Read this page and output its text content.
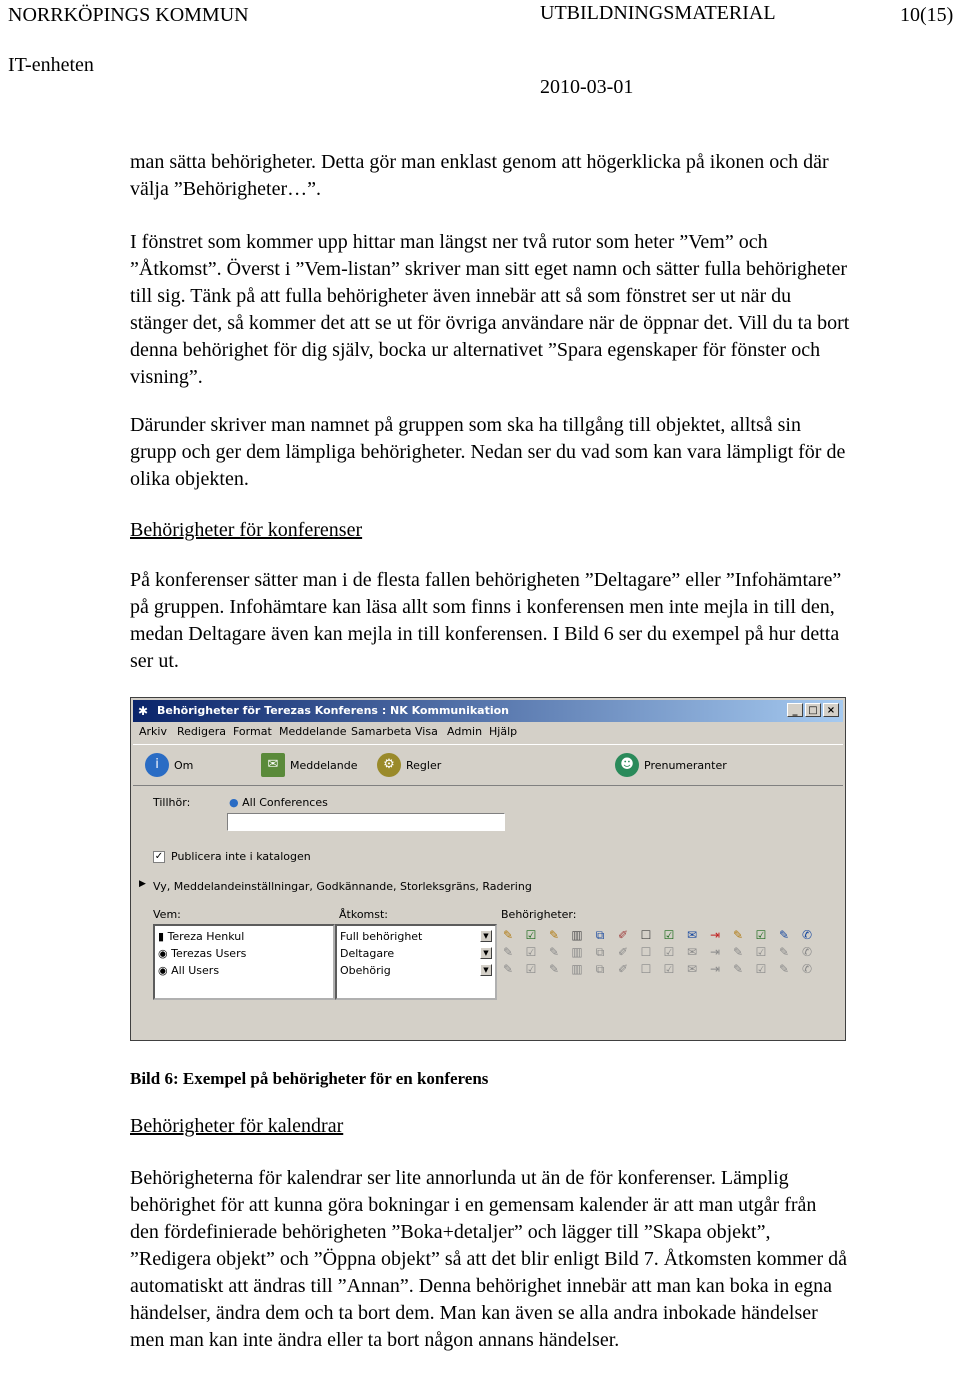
NORRKÖPINGS KOMMUN	UTBILDNINGSMATERIAL	10(15)
IT-enheten
2010-03-01

man sätta behörigheter. Detta gör man enklast genom att högerklicka på ikonen och där välja ”Behörigheter…”.

I fönstret som kommer upp hittar man längst ner två rutor som heter ”Vem” och ”Åtkomst”. Överst i ”Vem-listan” skriver man sitt eget namn och sätter fulla behörigheter till sig. Tänk på att fulla behörigheter även innebär att så som fönstret ser ut när du stänger det, så kommer det att se ut för övriga användare när de öppnar det. Vill du ta bort denna behörighet för dig själv, bocka ur alternativet ”Spara egenskaper för fönster och visning”.

Därunder skriver man namnet på gruppen som ska ha tillgång till objektet, alltså sin grupp och ger dem lämpliga behörigheter. Nedan ser du vad som kan vara lämpligt för de olika objekten.

Behörigheter för konferenser

På konferenser sätter man i de flesta fallen behörigheten ”Deltagare” eller ”Infohämtare” på gruppen. Infohämtare kan läsa allt som finns i konferensen men inte mejla in till den, medan Deltagare även kan mejla in till konferensen. I Bild 6 ser du exempel på hur detta ser ut.

✱ Behörigheter för Terezas Konferens : NK Kommunikation	_	□ ×
Arkiv Redigera Format Meddelande Samarbeta Visa Admin Hjälp
i	Om	✉	Meddelande	⚙	Regler	☻ Prenumeranter
Tillhör:	● All Conferences
✓ Publicera inte i katalogen
▶ Vy, Meddelandeinställningar, Godkännande, Storleksgräns, Radering
Vem:	Åtkomst:	Behörigheter:
▮ Tereza Henkul
◉ Terezas Users
◉ All Users
Full behörighet	▼
Deltagare	▼
Obehörig	▼
✎ ☑ ✎ ▥ ⧉ ✐ ☐ ☑ ✉ ⇥ ✎ ☑ ✎ ✆
✎ ☑ ✎ ▥ ⧉ ✐ ☐ ☑ ✉ ⇥ ✎ ☑ ✎ ✆
✎ ☑ ✎ ▥ ⧉ ✐ ☐ ☑ ✉ ⇥ ✎ ☑ ✎ ✆
Bild 6: Exempel på behörigheter för en konferens
Behörigheter för kalendrar

Behörigheterna för kalendrar ser lite annorlunda ut än de för konferenser. Lämplig behörighet för att kunna göra bokningar i en gemensam kalender är att man utgår från den fördefinierade behörigheten ”Boka+detaljer” och lägger till ”Skapa objekt”, ”Redigera objekt” och ”Öppna objekt” så att det blir enligt Bild 7. Åtkomsten kommer då automatiskt att ändras till ”Annan”. Denna behörighet innebär att man kan boka in egna händelser, ändra dem och ta bort dem. Man kan även se alla andra inbokade händelser men man kan inte ändra eller ta bort någon annans händelser.
